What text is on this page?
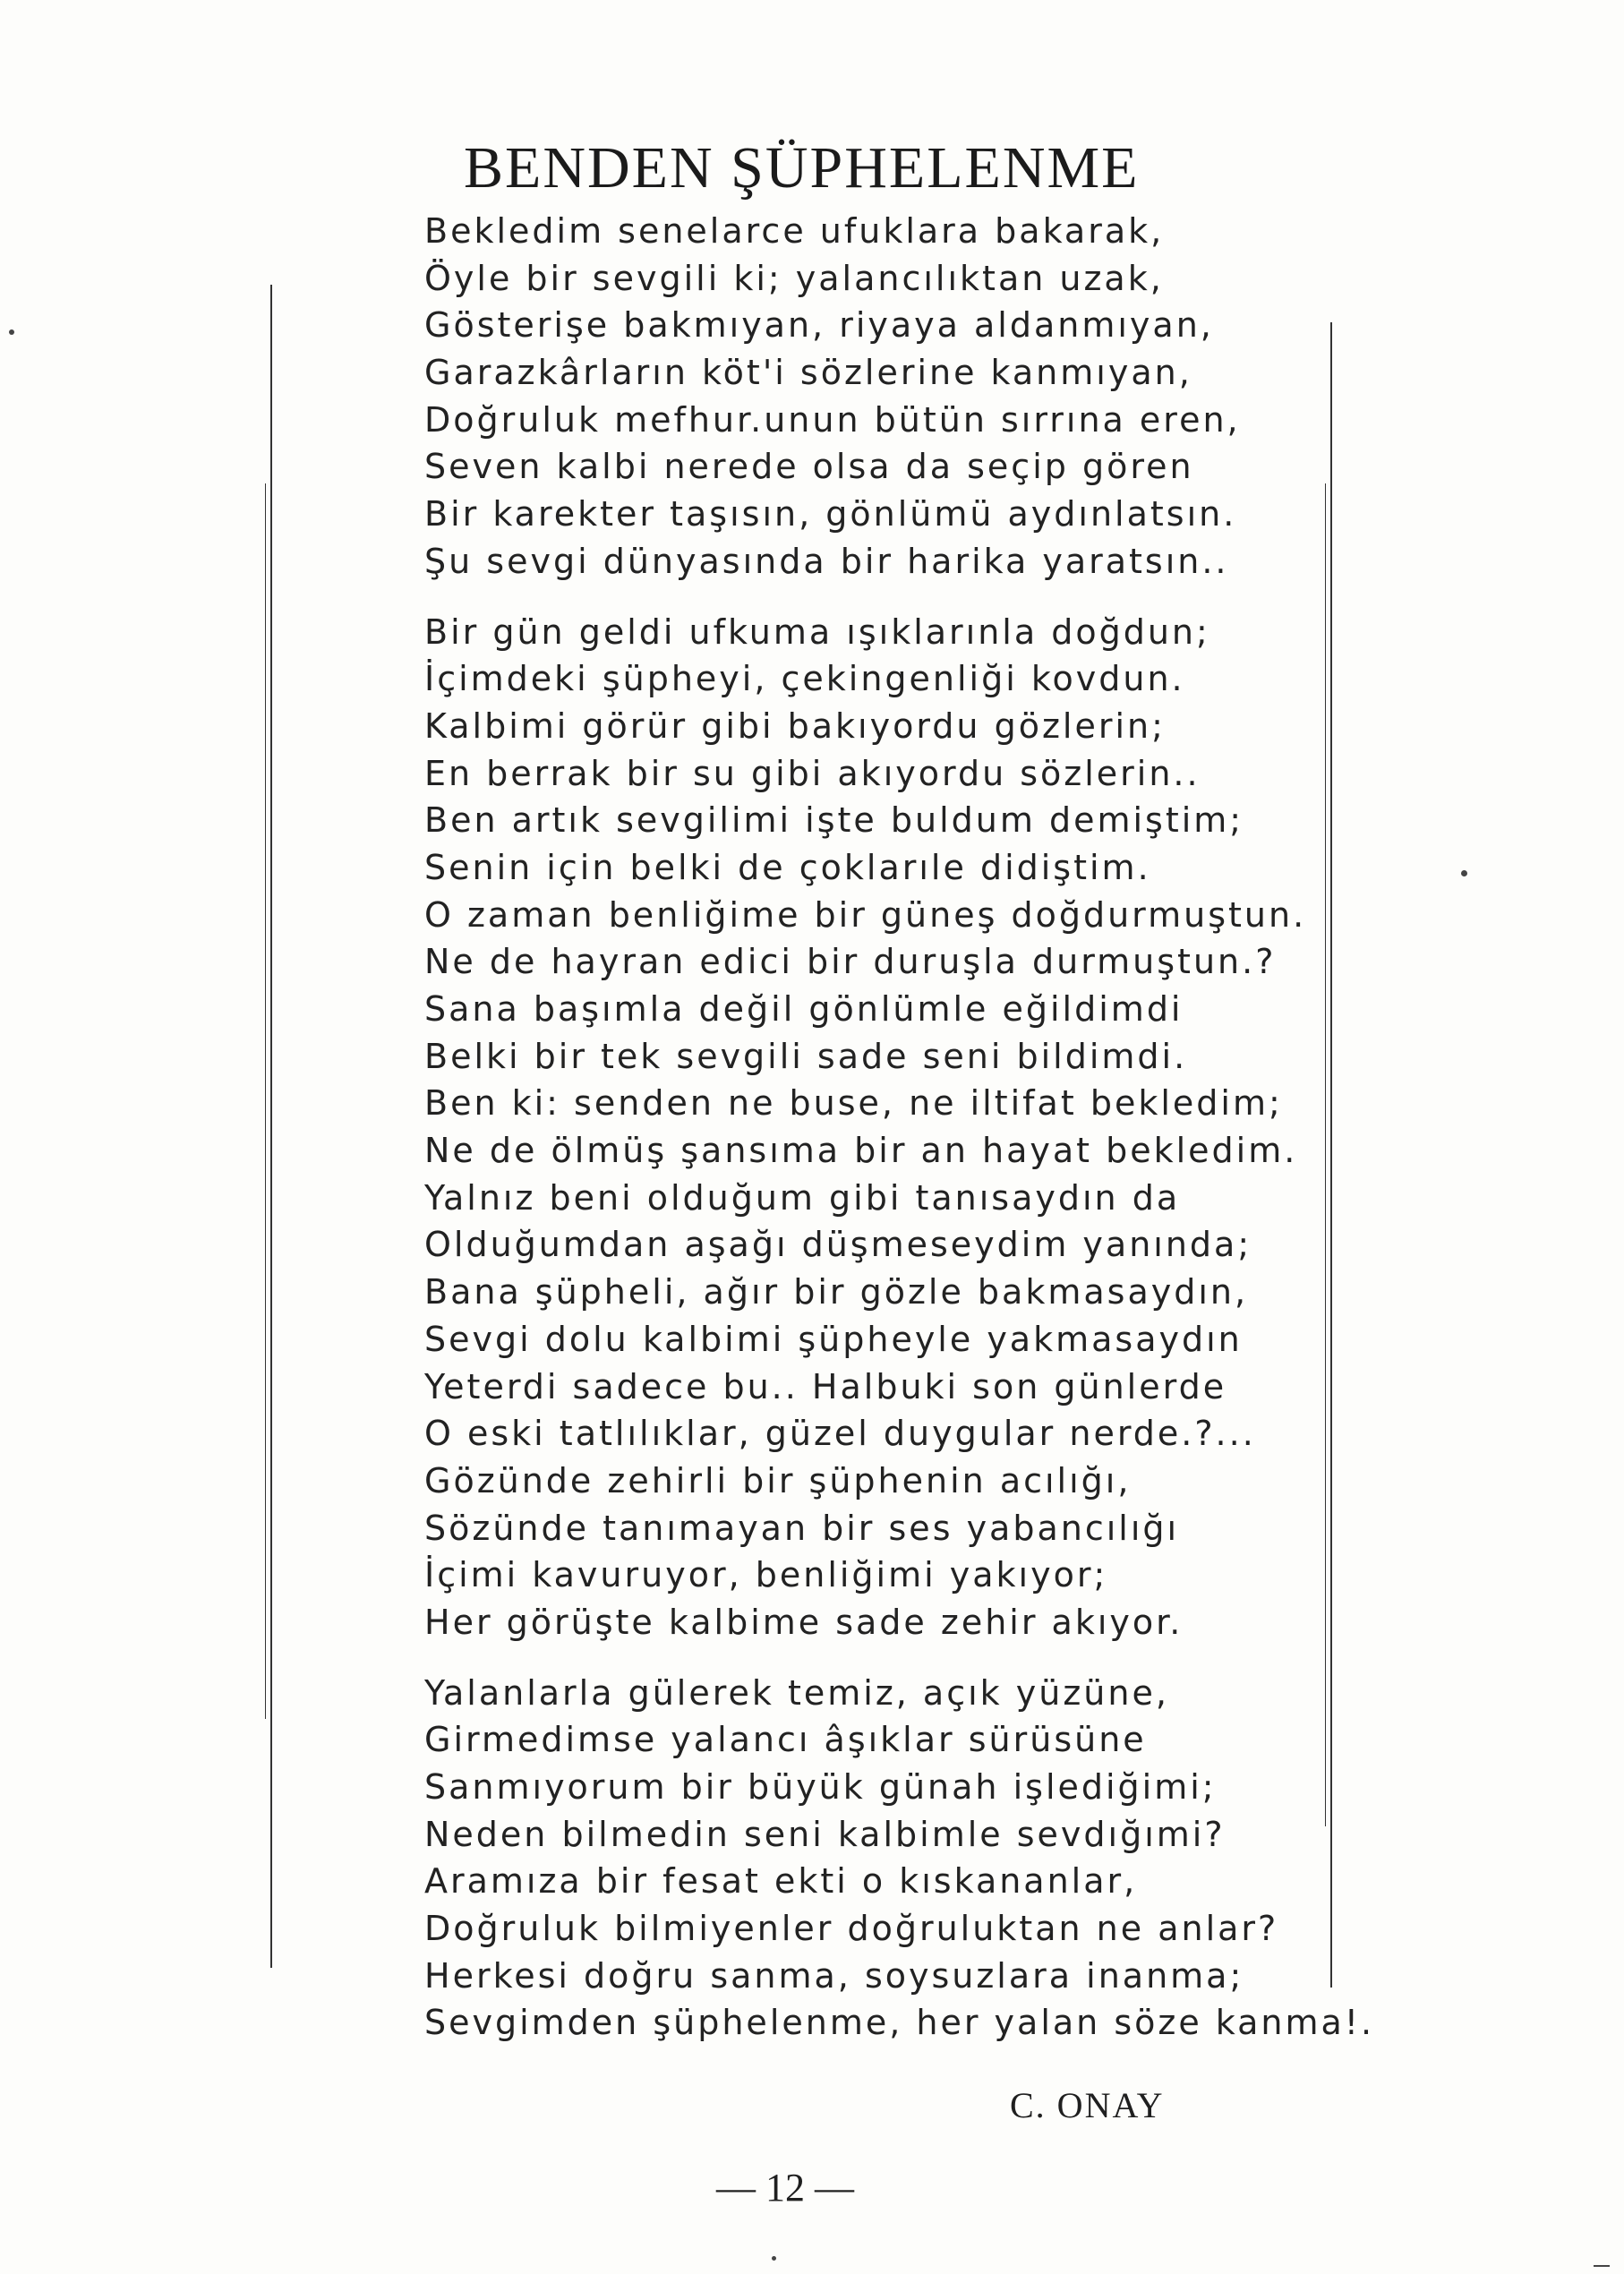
BENDEN ŞÜPHELENME
Bekledim senelarce ufuklara bakarak,
Öyle bir sevgili ki; yalancılıktan uzak,
Gösterişe bakmıyan, riyaya aldanmıyan,
Garazkârların köt'i sözlerine kanmıyan,
Doğruluk mefhur.unun bütün sırrına eren,
Seven kalbi nerede olsa da seçip gören
Bir karekter taşısın, gönlümü aydınlatsın.
Şu sevgi dünyasında bir harika yaratsın..
Bir gün geldi ufkuma ışıklarınla doğdun;
İçimdeki şüpheyi, çekingenliği kovdun.
Kalbimi görür gibi bakıyordu gözlerin;
En berrak bir su gibi akıyordu sözlerin..
Ben artık sevgilimi işte buldum demiştim;
Senin için belki de çoklarıle didiştim.
O zaman benliğime bir güneş doğdurmuştun.
Ne de hayran edici bir duruşla durmuştun.?
Sana başımla değil gönlümle eğildimdi
Belki bir tek sevgili sade seni bildimdi.
Ben ki: senden ne buse, ne iltifat bekledim;
Ne de ölmüş şansıma bir an hayat bekledim.
Yalnız beni olduğum gibi tanısaydın da
Olduğumdan aşağı düşmeseydim yanında;
Bana şüpheli, ağır bir gözle bakmasaydın,
Sevgi dolu kalbimi şüpheyle yakmasaydın
Yeterdi sadece bu.. Halbuki son günlerde
O eski tatlılıklar, güzel duygular nerde.?...
Gözünde zehirli bir şüphenin acılığı,
Sözünde tanımayan bir ses yabancılığı
İçimi kavuruyor, benliğimi yakıyor;
Her görüşte kalbime sade zehir akıyor.
Yalanlarla gülerek temiz, açık yüzüne,
Girmedimse yalancı âşıklar sürüsüne
Sanmıyorum bir büyük günah işlediğimi;
Neden bilmedin seni kalbimle sevdığımi?
Aramıza bir fesat ekti o kıskananlar,
Doğruluk bilmiyenler doğruluktan ne anlar?
Herkesi doğru sanma, soysuzlara inanma;
Sevgimden şüphelenme, her yalan söze kanma!.
C. ONAY
— 12 —
